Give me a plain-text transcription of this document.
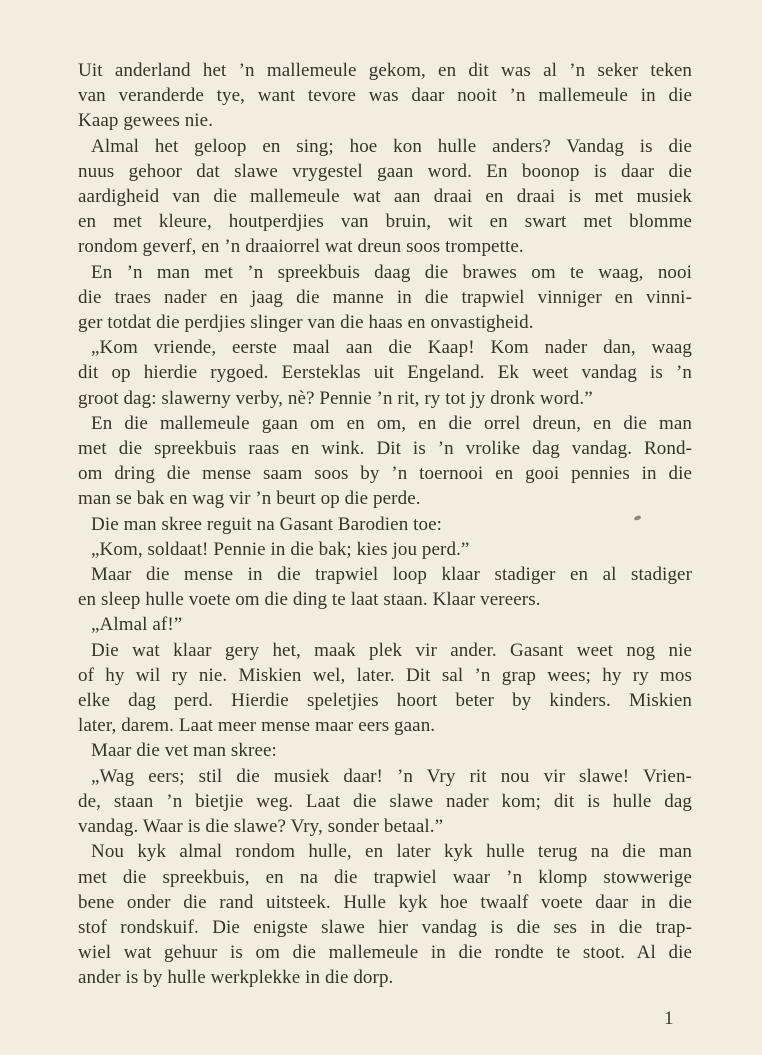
Uit anderland het ’n mallemeule gekom, en dit was al ’n seker teken
van veranderde tye, want tevore was daar nooit ’n mallemeule in die
Kaap gewees nie.
Almal het geloop en sing; hoe kon hulle anders? Vandag is die
nuus gehoor dat slawe vrygestel gaan word. En boonop is daar die
aardigheid van die mallemeule wat aan draai en draai is met musiek
en met kleure, houtperdjies van bruin, wit en swart met blomme
rondom geverf, en ’n draaiorrel wat dreun soos trompette.
En ’n man met ’n spreekbuis daag die brawes om te waag, nooi
die traes nader en jaag die manne in die trapwiel vinniger en vinni-
ger totdat die perdjies slinger van die haas en onvastigheid.
„Kom vriende, eerste maal aan die Kaap! Kom nader dan, waag
dit op hierdie rygoed. Eersteklas uit Engeland. Ek weet vandag is ’n
groot dag: slawerny verby, nè? Pennie ’n rit, ry tot jy dronk word.”
En die mallemeule gaan om en om, en die orrel dreun, en die man
met die spreekbuis raas en wink. Dit is ’n vrolike dag vandag. Rond-
om dring die mense saam soos by ’n toernooi en gooi pennies in die
man se bak en wag vir ’n beurt op die perde.
Die man skree reguit na Gasant Barodien toe:
„Kom, soldaat! Pennie in die bak; kies jou perd.”
Maar die mense in die trapwiel loop klaar stadiger en al stadiger
en sleep hulle voete om die ding te laat staan. Klaar vereers.
„Almal af!”
Die wat klaar gery het, maak plek vir ander. Gasant weet nog nie
of hy wil ry nie. Miskien wel, later. Dit sal ’n grap wees; hy ry mos
elke dag perd. Hierdie speletjies hoort beter by kinders. Miskien
later, darem. Laat meer mense maar eers gaan.
Maar die vet man skree:
„Wag eers; stil die musiek daar! ’n Vry rit nou vir slawe! Vrien-
de, staan ’n bietjie weg. Laat die slawe nader kom; dit is hulle dag
vandag. Waar is die slawe? Vry, sonder betaal.”
Nou kyk almal rondom hulle, en later kyk hulle terug na die man
met die spreekbuis, en na die trapwiel waar ’n klomp stowwerige
bene onder die rand uitsteek. Hulle kyk hoe twaalf voete daar in die
stof rondskuif. Die enigste slawe hier vandag is die ses in die trap-
wiel wat gehuur is om die mallemeule in die rondte te stoot. Al die
ander is by hulle werkplekke in die dorp.
1
